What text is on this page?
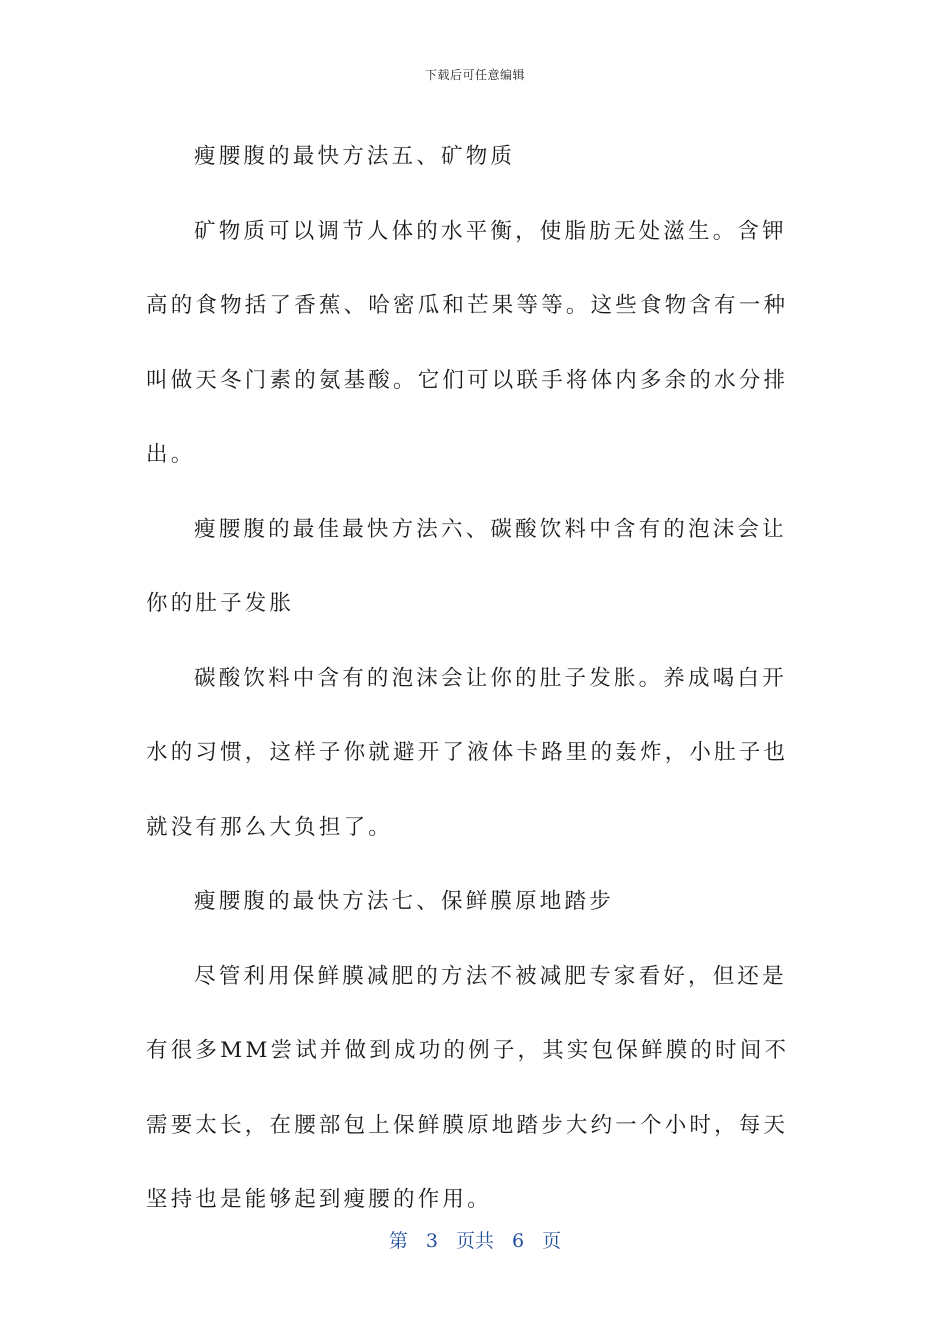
下载后可任意编辑

瘦腰腹的最快方法五、矿物质

矿物质可以调节人体的水平衡，使脂肪无处滋生。含钾高的食物括了香蕉、哈密瓜和芒果等等。这些食物含有一种叫做天冬门素的氨基酸。它们可以联手将体内多余的水分排出。

瘦腰腹的最佳最快方法六、碳酸饮料中含有的泡沫会让你的肚子发胀

碳酸饮料中含有的泡沫会让你的肚子发胀。养成喝白开水的习惯，这样子你就避开了液体卡路里的轰炸，小肚子也就没有那么大负担了。

瘦腰腹的最快方法七、保鲜膜原地踏步

尽管利用保鲜膜减肥的方法不被减肥专家看好，但还是有很多MM尝试并做到成功的例子，其实包保鲜膜的时间不需要太长，在腰部包上保鲜膜原地踏步大约一个小时，每天坚持也是能够起到瘦腰的作用。

第 3 页共 6 页
